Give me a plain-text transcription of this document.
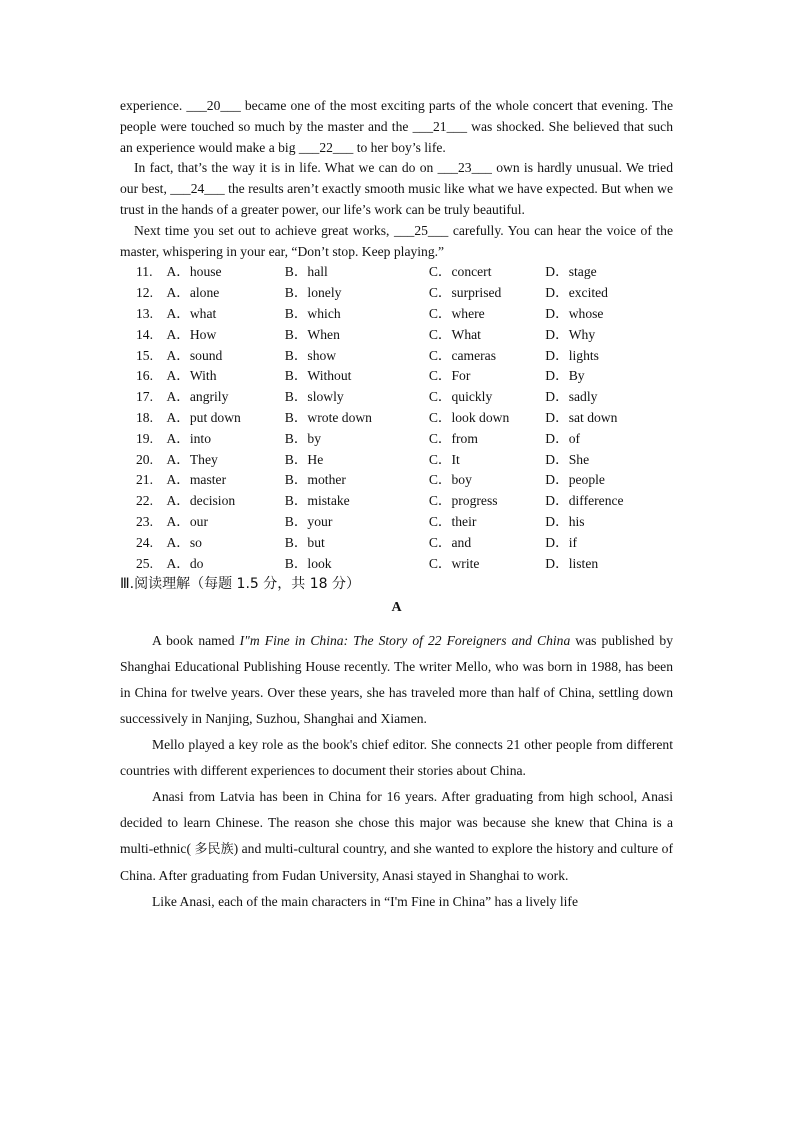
experience. ___20___ became one of the most exciting parts of the whole concert that evening. The people were touched so much by the master and the ___21___ was shocked. She believed that such an experience would make a big ___22___ to her boy’s life.

In fact, that’s the way it is in life. What we can do on ___23___ own is hardly unusual. We tried our best, ___24___ the results aren’t exactly smooth music like what we have expected. But when we trust in the hands of a greater power, our life’s work can be truly beautiful.

Next time you set out to achieve great works, ___25___ carefully. You can hear the voice of the master, whispering in your ear, “Don’t stop. Keep playing.”

11.	A．	house	B．	hall	C．	concert	D．	stage
12.	A．	alone	B．	lonely	C．	surprised	D．	excited
13.	A．	what	B．	which	C．	where	D．	whose
14.	A．	How	B．	When	C．	What	D．	Why
15.	A．	sound	B．	show	C．	cameras	D．	lights
16.	A．	With	B．	Without	C．	For	D．	By
17.	A．	angrily	B．	slowly	C．	quickly	D．	sadly
18.	A．	put down	B．	wrote down	C．	look down	D．	sat down
19.	A．	into	B．	by	C．	from	D．	of
20.	A．	They	B．	He	C．	It	D．	She
21.	A．	master	B．	mother	C．	boy	D．	people
22.	A．	decision	B．	mistake	C．	progress	D．	difference
23.	A．	our	B．	your	C．	their	D．	his
24.	A．	so	B．	but	C．	and	D．	if
25.	A．	do	B．	look	C．	write	D．	listen

Ⅲ.阅读理解（每题 1.5 分，共 18 分）

A

A book named I"m Fine in China: The Story of 22 Foreigners and China was published by Shanghai Educational Publishing House recently. The writer Mello, who was born in 1988, has been in China for twelve years. Over these years, she has traveled more than half of China, settling down successively in Nanjing, Suzhou, Shanghai and Xiamen.

Mello played a key role as the book's chief editor. She connects 21 other people from different countries with different experiences to document their stories about China.

Anasi from Latvia has been in China for 16 years. After graduating from high school, Anasi decided to learn Chinese. The reason she chose this major was because she knew that China is a multi-ethnic( 多民族) and multi-cultural country, and she wanted to explore the history and culture of China. After graduating from Fudan University, Anasi stayed in Shanghai to work.

Like Anasi, each of the main characters in “I'm Fine in China” has a lively life
